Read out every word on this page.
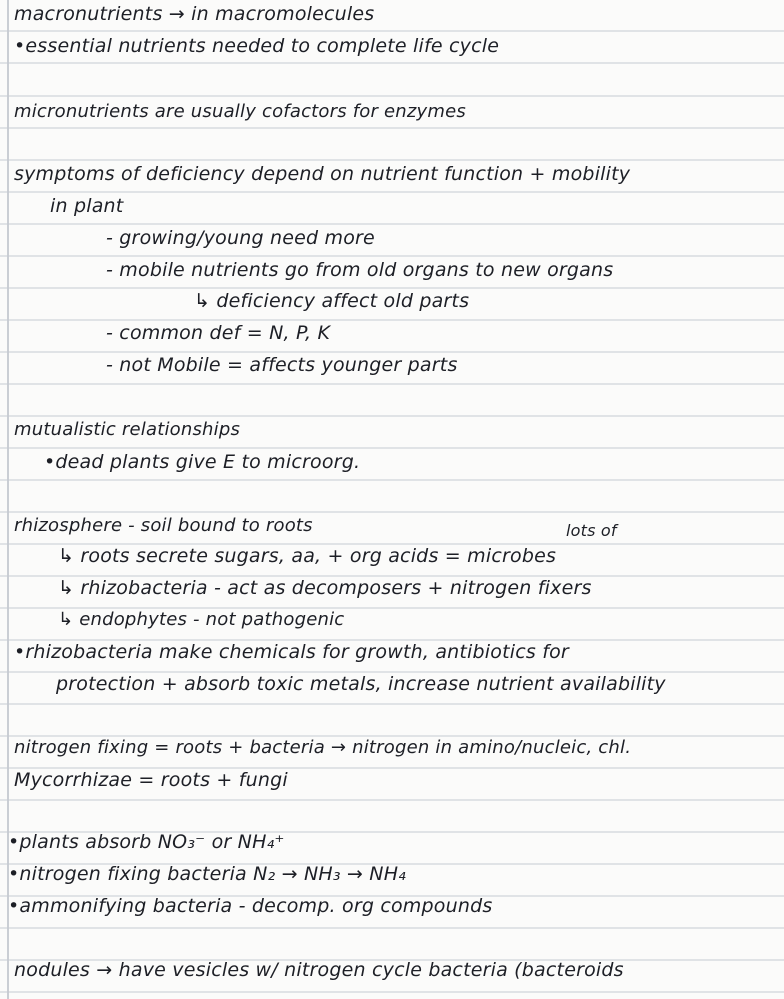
macronutrients → in macromolecules
•essential nutrients needed to complete life cycle
micronutrients are usually cofactors for enzymes
symptoms of deficiency depend on nutrient function + mobility
in plant
- growing/young need more
- mobile nutrients go from old organs to new organs
↳ deficiency affect old parts
- common def = N, P, K
- not Mobile = affects younger parts
mutualistic relationships
•dead plants give E to microorg.
rhizosphere - soil bound to roots	lots of
↳ roots secrete sugars, aa, + org acids = microbes
↳ rhizobacteria - act as decomposers + nitrogen fixers
↳ endophytes - not pathogenic
•rhizobacteria make chemicals for growth, antibiotics for
protection + absorb toxic metals, increase nutrient availability
nitrogen fixing = roots + bacteria → nitrogen in amino/nucleic, chl.
Mycorrhizae = roots + fungi
•plants absorb NO₃⁻ or NH₄⁺
•nitrogen fixing bacteria N₂ → NH₃ → NH₄
•ammonifying bacteria - decomp. org compounds
nodules → have vesicles w/ nitrogen cycle bacteria (bacteroids
